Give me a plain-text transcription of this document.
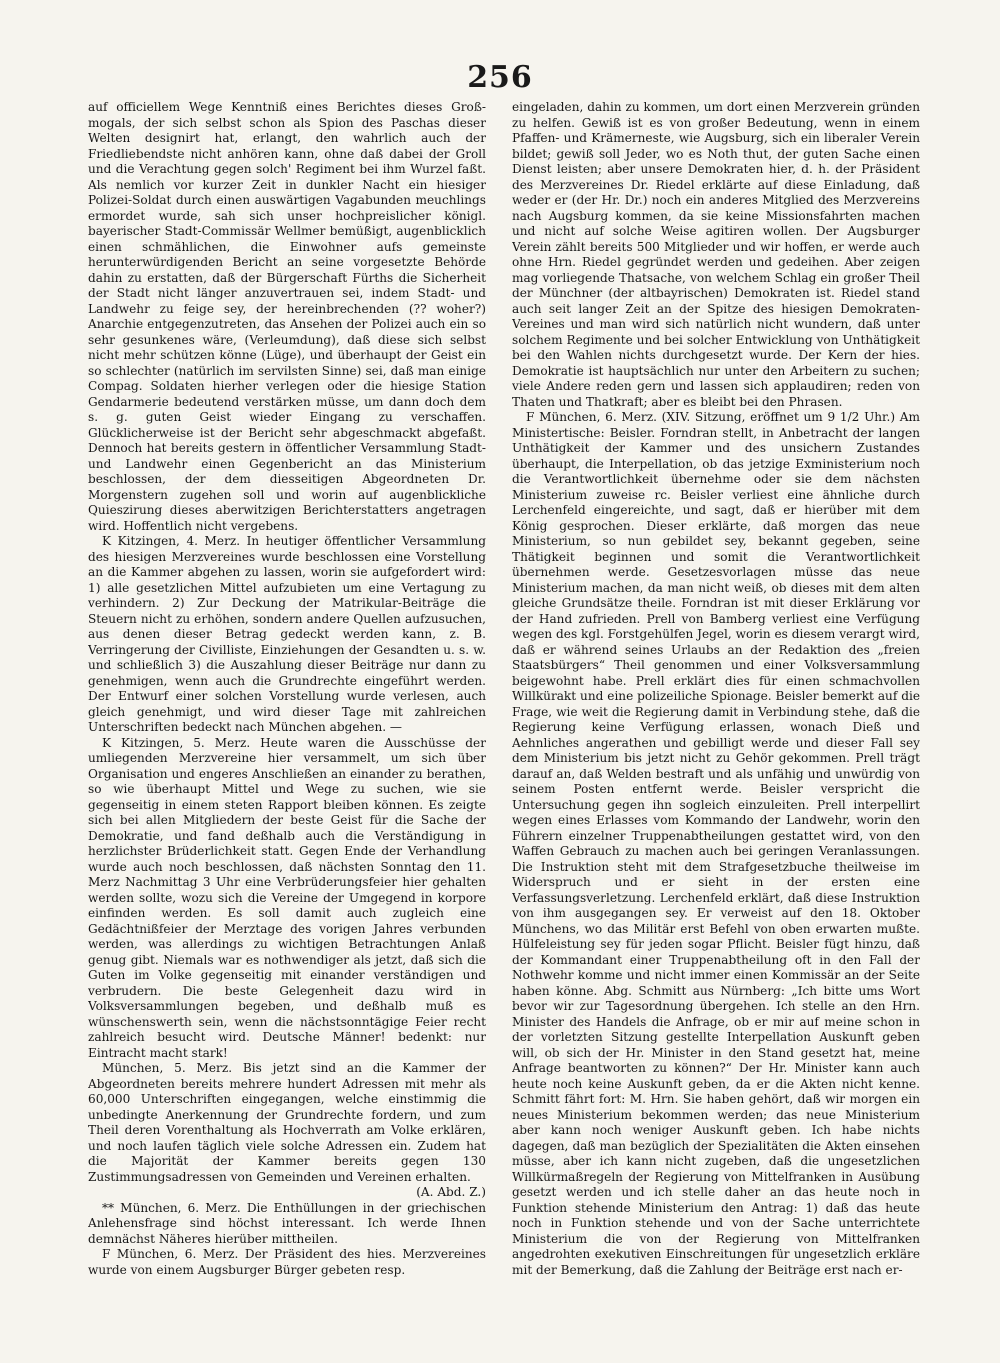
256

auf officiellem Wege Kenntniß eines Berichtes dieses Groß-mogals, der sich selbst schon als Spion des Paschas dieser Welten designirt hat, erlangt, den wahrlich auch der Friedliebendste nicht anhören kann, ohne daß dabei der Groll und die Verachtung gegen solch' Regiment bei ihm Wurzel faßt. Als nemlich vor kurzer Zeit in dunkler Nacht ein hiesiger Polizei-Soldat durch einen auswärtigen Vagabunden meuchlings ermordet wurde, sah sich unser hochpreislicher königl. bayerischer Stadt-Commissär Wellmer bemüßigt, augenblicklich einen schmählichen, die Einwohner aufs gemeinste herunterwürdigenden Bericht an seine vorgesetzte Behörde dahin zu erstatten, daß der Bürgerschaft Fürths die Sicherheit der Stadt nicht länger anzuvertrauen sei, indem Stadt- und Landwehr zu feige sey, der hereinbrechenden (?? woher?) Anarchie entgegenzutreten, das Ansehen der Polizei auch ein so sehr gesunkenes wäre, (Verleumdung), daß diese sich selbst nicht mehr schützen könne (Lüge), und überhaupt der Geist ein so schlechter (natürlich im servilsten Sinne) sei, daß man einige Compag. Soldaten hierher verlegen oder die hiesige Station Gendarmerie bedeutend verstärken müsse, um dann doch dem s. g. guten Geist wieder Eingang zu verschaffen. Glücklicherweise ist der Bericht sehr abgeschmackt abgefaßt. Dennoch hat bereits gestern in öffentlicher Versammlung Stadt- und Landwehr einen Gegenbericht an das Ministerium beschlossen, der dem diesseitigen Abgeordneten Dr. Morgenstern zugehen soll und worin auf augenblickliche Quieszirung dieses aberwitzigen Berichterstatters angetragen wird. Hoffentlich nicht vergebens.

K Kitzingen, 4. Merz. In heutiger öffentlicher Versammlung des hiesigen Merzvereines wurde beschlossen eine Vorstellung an die Kammer abgehen zu lassen, worin sie aufgefordert wird: 1) alle gesetzlichen Mittel aufzubieten um eine Vertagung zu verhindern. 2) Zur Deckung der Matrikular-Beiträge die Steuern nicht zu erhöhen, sondern andere Quellen aufzusuchen, aus denen dieser Betrag gedeckt werden kann, z. B. Verringerung der Civilliste, Einziehungen der Gesandten u. s. w. und schließlich 3) die Auszahlung dieser Beiträge nur dann zu genehmigen, wenn auch die Grundrechte eingeführt werden. Der Entwurf einer solchen Vorstellung wurde verlesen, auch gleich genehmigt, und wird dieser Tage mit zahlreichen Unterschriften bedeckt nach München abgehen. —

K Kitzingen, 5. Merz. Heute waren die Ausschüsse der umliegenden Merzvereine hier versammelt, um sich über Organisation und engeres Anschließen an einander zu berathen, so wie überhaupt Mittel und Wege zu suchen, wie sie gegenseitig in einem steten Rapport bleiben können. Es zeigte sich bei allen Mitgliedern der beste Geist für die Sache der Demokratie, und fand deßhalb auch die Verständigung in herzlichster Brüderlichkeit statt. Gegen Ende der Verhandlung wurde auch noch beschlossen, daß nächsten Sonntag den 11. Merz Nachmittag 3 Uhr eine Verbrüderungsfeier hier gehalten werden sollte, wozu sich die Vereine der Umgegend in korpore einfinden werden. Es soll damit auch zugleich eine Gedächtnißfeier der Merztage des vorigen Jahres verbunden werden, was allerdings zu wichtigen Betrachtungen Anlaß genug gibt. Niemals war es nothwendiger als jetzt, daß sich die Guten im Volke gegenseitig mit einander verständigen und verbrudern. Die beste Gelegenheit dazu wird in Volksversammlungen begeben, und deßhalb muß es wünschenswerth sein, wenn die nächstsonntägige Feier recht zahlreich besucht wird. Deutsche Männer! bedenkt: nur Eintracht macht stark!

München, 5. Merz. Bis jetzt sind an die Kammer der Abgeordneten bereits mehrere hundert Adressen mit mehr als 60,000 Unterschriften eingegangen, welche einstimmig die unbedingte Anerkennung der Grundrechte fordern, und zum Theil deren Vorenthaltung als Hochverrath am Volke erklären, und noch laufen täglich viele solche Adressen ein. Zudem hat die Majorität der Kammer bereits gegen 130 Zustimmungsadressen von Gemeinden und Vereinen erhalten.

(A. Abd. Z.)

** München, 6. Merz. Die Enthüllungen in der griechischen Anlehensfrage sind höchst interessant. Ich werde Ihnen demnächst Näheres hierüber mittheilen.

F München, 6. Merz. Der Präsident des hies. Merzvereines wurde von einem Augsburger Bürger gebeten resp.

eingeladen, dahin zu kommen, um dort einen Merzverein gründen zu helfen. Gewiß ist es von großer Bedeutung, wenn in einem Pfaffen- und Krämerneste, wie Augsburg, sich ein liberaler Verein bildet; gewiß soll Jeder, wo es Noth thut, der guten Sache einen Dienst leisten; aber unsere Demokraten hier, d. h. der Präsident des Merzvereines Dr. Riedel erklärte auf diese Einladung, daß weder er (der Hr. Dr.) noch ein anderes Mitglied des Merzvereins nach Augsburg kommen, da sie keine Missionsfahrten machen und nicht auf solche Weise agitiren wollen. Der Augsburger Verein zählt bereits 500 Mitglieder und wir hoffen, er werde auch ohne Hrn. Riedel gegründet werden und gedeihen. Aber zeigen mag vorliegende Thatsache, von welchem Schlag ein großer Theil der Münchner (der altbayrischen) Demokraten ist. Riedel stand auch seit langer Zeit an der Spitze des hiesigen Demokraten-Vereines und man wird sich natürlich nicht wundern, daß unter solchem Regimente und bei solcher Entwicklung von Unthätigkeit bei den Wahlen nichts durchgesetzt wurde. Der Kern der hies. Demokratie ist hauptsächlich nur unter den Arbeitern zu suchen; viele Andere reden gern und lassen sich applaudiren; reden von Thaten und Thatkraft; aber es bleibt bei den Phrasen.

F München, 6. Merz. (XIV. Sitzung, eröffnet um 9 1/2 Uhr.) Am Ministertische: Beisler. Forndran stellt, in Anbetracht der langen Unthätigkeit der Kammer und des unsichern Zustandes überhaupt, die Interpellation, ob das jetzige Exministerium noch die Verantwortlichkeit übernehme oder sie dem nächsten Ministerium zuweise rc. Beisler verliest eine ähnliche durch Lerchenfeld eingereichte, und sagt, daß er hierüber mit dem König gesprochen. Dieser erklärte, daß morgen das neue Ministerium, so nun gebildet sey, bekannt gegeben, seine Thätigkeit beginnen und somit die Verantwortlichkeit übernehmen werde. Gesetzesvorlagen müsse das neue Ministerium machen, da man nicht weiß, ob dieses mit dem alten gleiche Grundsätze theile. Forndran ist mit dieser Erklärung vor der Hand zufrieden. Prell von Bamberg verliest eine Verfügung wegen des kgl. Forstgehülfen Jegel, worin es diesem verargt wird, daß er während seines Urlaubs an der Redaktion des „freien Staatsbürgers“ Theil genommen und einer Volksversammlung beigewohnt habe. Prell erklärt dies für einen schmachvollen Willkürakt und eine polizeiliche Spionage. Beisler bemerkt auf die Frage, wie weit die Regierung damit in Verbindung stehe, daß die Regierung keine Verfügung erlassen, wonach Dieß und Aehnliches angerathen und gebilligt werde und dieser Fall sey dem Ministerium bis jetzt nicht zu Gehör gekommen. Prell trägt darauf an, daß Welden bestraft und als unfähig und unwürdig von seinem Posten entfernt werde. Beisler verspricht die Untersuchung gegen ihn sogleich einzuleiten. Prell interpellirt wegen eines Erlasses vom Kommando der Landwehr, worin den Führern einzelner Truppenabtheilungen gestattet wird, von den Waffen Gebrauch zu machen auch bei geringen Veranlassungen. Die Instruktion steht mit dem Strafgesetzbuche theilweise im Widerspruch und er sieht in der ersten eine Verfassungsverletzung. Lerchenfeld erklärt, daß diese Instruktion von ihm ausgegangen sey. Er verweist auf den 18. Oktober Münchens, wo das Militär erst Befehl von oben erwarten mußte. Hülfeleistung sey für jeden sogar Pflicht. Beisler fügt hinzu, daß der Kommandant einer Truppenabtheilung oft in den Fall der Nothwehr komme und nicht immer einen Kommissär an der Seite haben könne. Abg. Schmitt aus Nürnberg: „Ich bitte ums Wort bevor wir zur Tagesordnung übergehen. Ich stelle an den Hrn. Minister des Handels die Anfrage, ob er mir auf meine schon in der vorletzten Sitzung gestellte Interpellation Auskunft geben will, ob sich der Hr. Minister in den Stand gesetzt hat, meine Anfrage beantworten zu können?“ Der Hr. Minister kann auch heute noch keine Auskunft geben, da er die Akten nicht kenne. Schmitt fährt fort: M. Hrn. Sie haben gehört, daß wir morgen ein neues Ministerium bekommen werden; das neue Ministerium aber kann noch weniger Auskunft geben. Ich habe nichts dagegen, daß man bezüglich der Spezialitäten die Akten einsehen müsse, aber ich kann nicht zugeben, daß die ungesetzlichen Willkürmaßregeln der Regierung von Mittelfranken in Ausübung gesetzt werden und ich stelle daher an das heute noch in Funktion stehende Ministerium den Antrag: 1) daß das heute noch in Funktion stehende und von der Sache unterrichtete Ministerium die von der Regierung von Mittelfranken angedrohten exekutiven Einschreitungen für ungesetzlich erkläre mit der Bemerkung, daß die Zahlung der Beiträge erst nach er-
